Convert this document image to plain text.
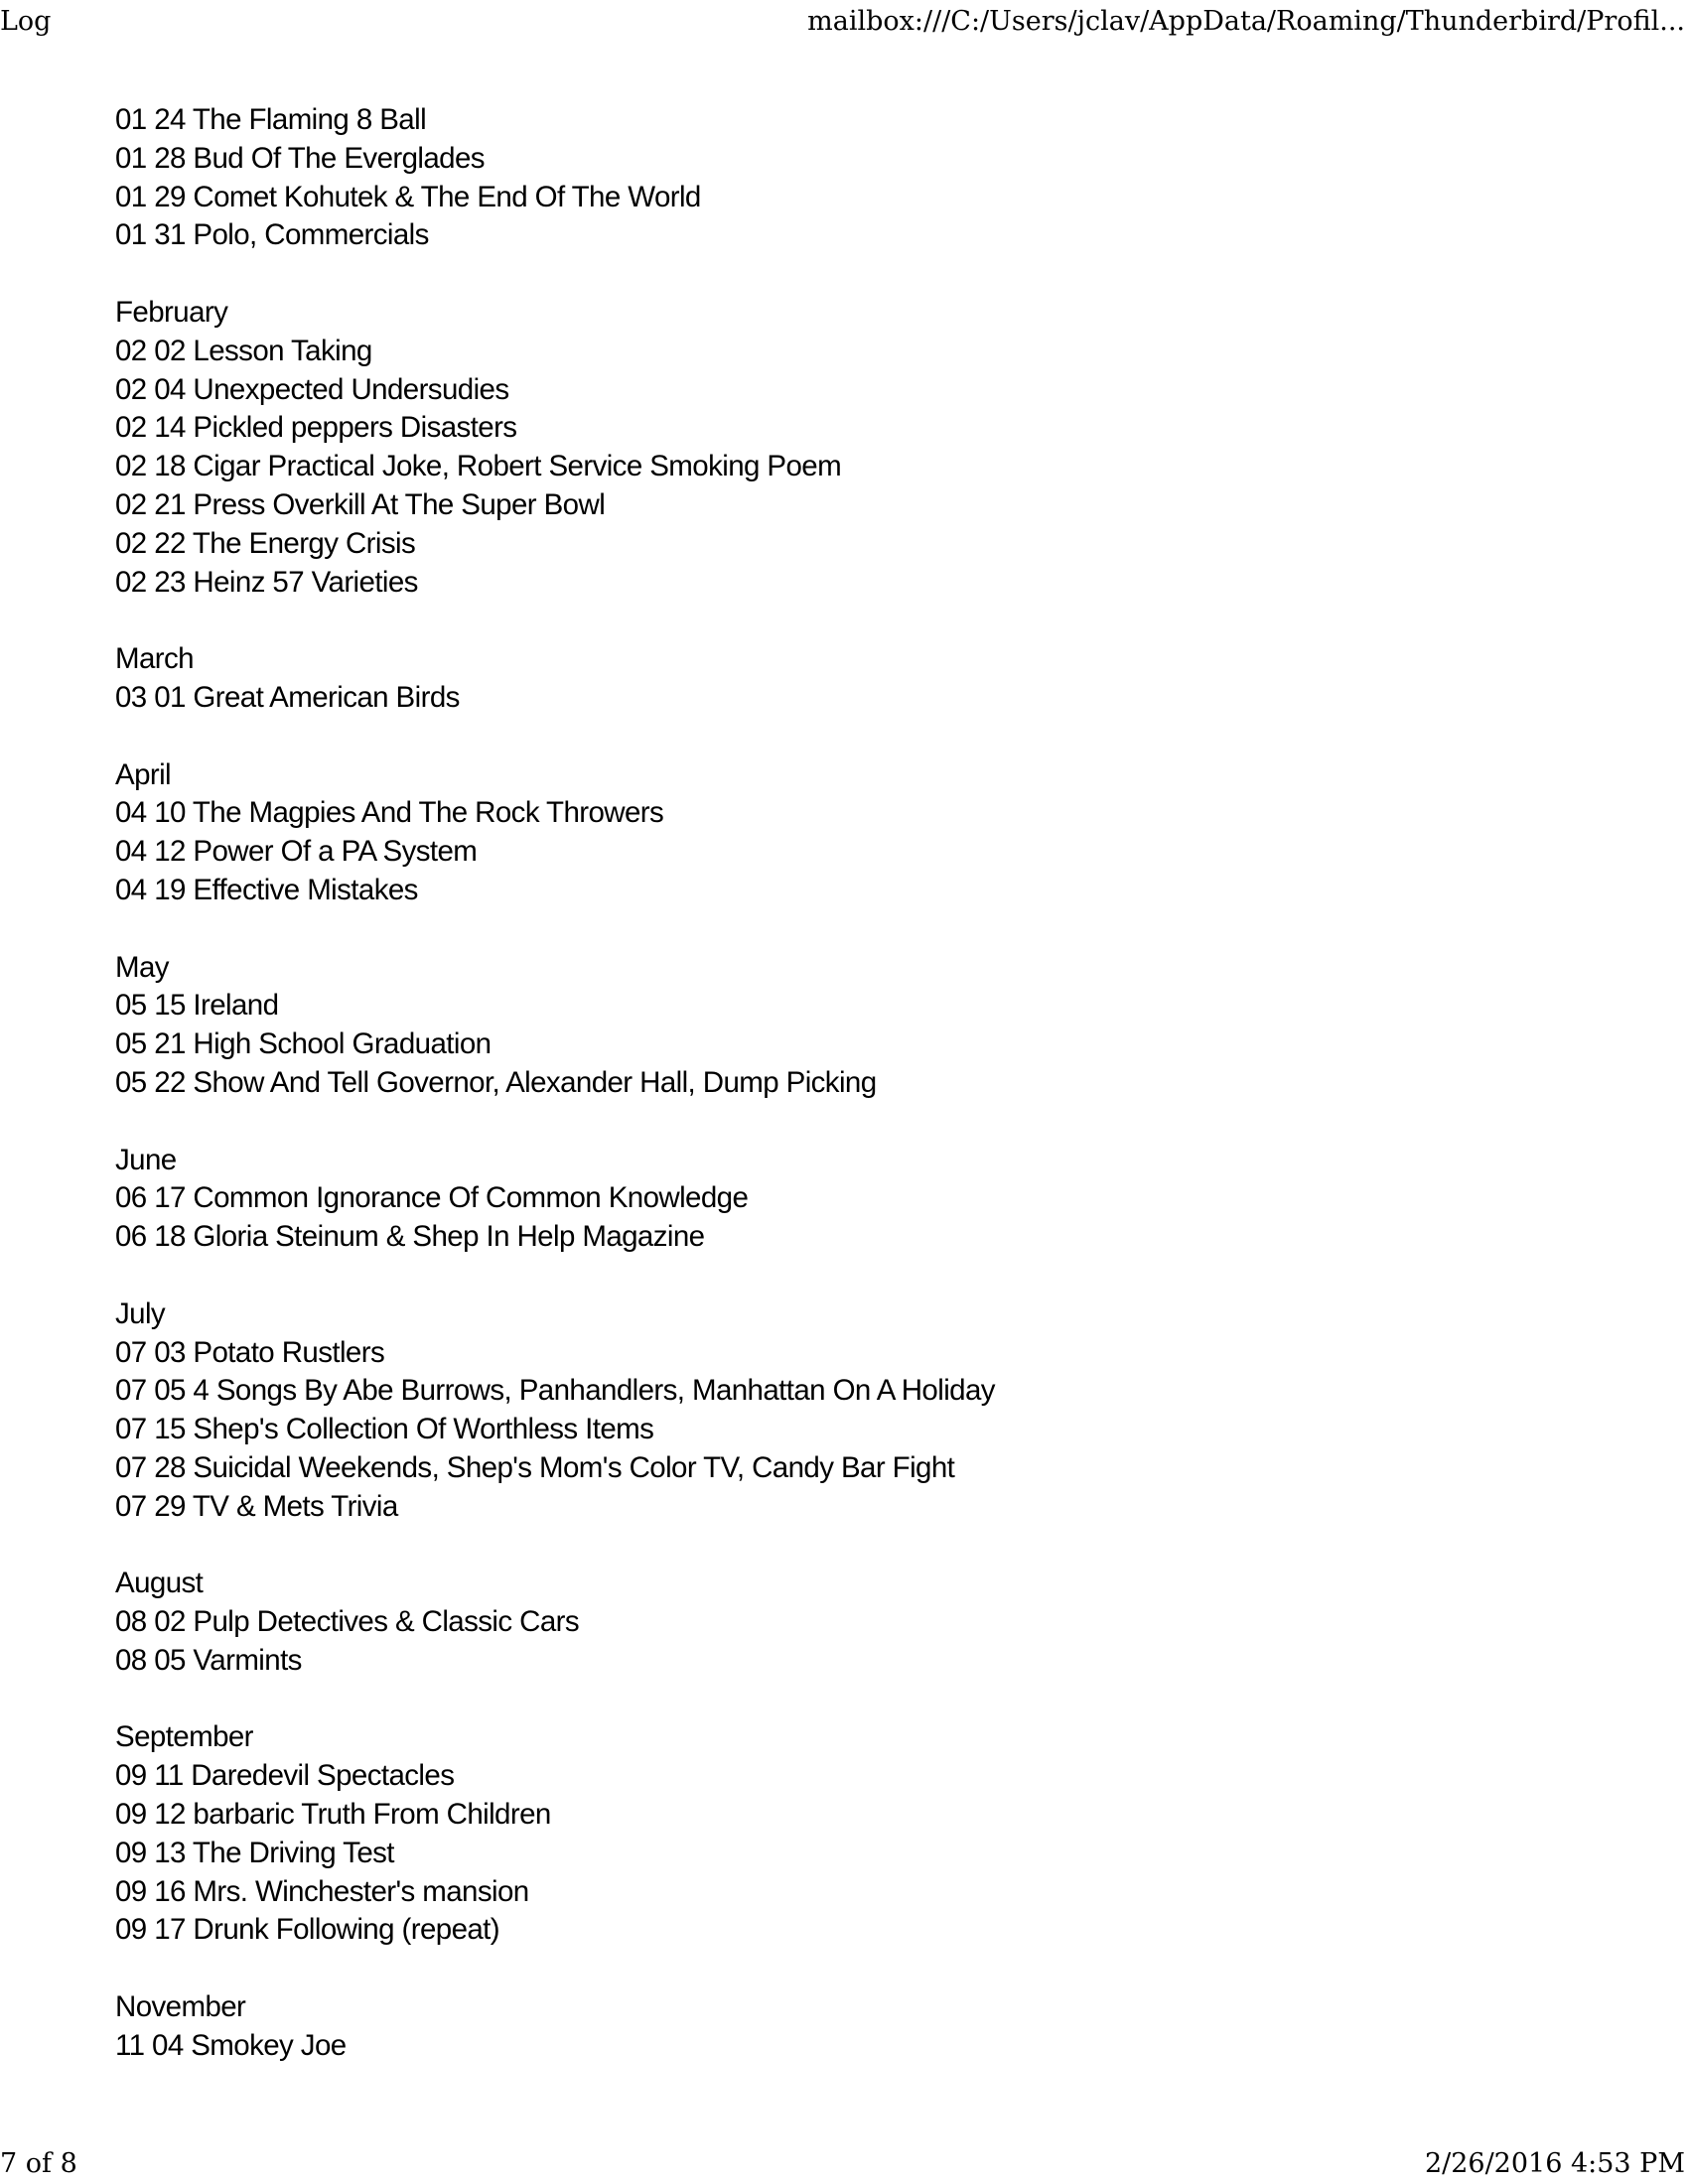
Log	mailbox:///C:/Users/jclav/AppData/Roaming/Thunderbird/Profil...
01 24 The Flaming 8 Ball
01 28 Bud Of The Everglades
01 29 Comet Kohutek & The End Of The World
01 31 Polo, Commercials
February
02 02 Lesson Taking
02 04 Unexpected Undersudies
02 14 Pickled peppers Disasters
02 18 Cigar Practical Joke, Robert Service Smoking Poem
02 21 Press Overkill At The Super Bowl
02 22 The Energy Crisis
02 23 Heinz 57 Varieties
March
03 01 Great American Birds
April
04 10 The Magpies And The Rock Throwers
04 12 Power Of a PA System
04 19 Effective Mistakes
May
05 15 Ireland
05 21 High School Graduation
05 22 Show And Tell Governor, Alexander Hall, Dump Picking
June
06 17 Common Ignorance Of Common Knowledge
06 18 Gloria Steinum & Shep In Help Magazine
July
07 03 Potato Rustlers
07 05 4 Songs By Abe Burrows, Panhandlers, Manhattan On A Holiday
07 15 Shep's Collection Of Worthless Items
07 28 Suicidal Weekends, Shep's Mom's Color TV, Candy Bar Fight
07 29 TV & Mets Trivia
August
08 02 Pulp Detectives & Classic Cars
08 05 Varmints
September
09 11 Daredevil Spectacles
09 12 barbaric Truth From Children
09 13 The Driving Test
09 16 Mrs. Winchester's mansion
09 17 Drunk Following (repeat)
November
11 04 Smokey Joe
7 of 8	2/26/2016 4:53 PM
